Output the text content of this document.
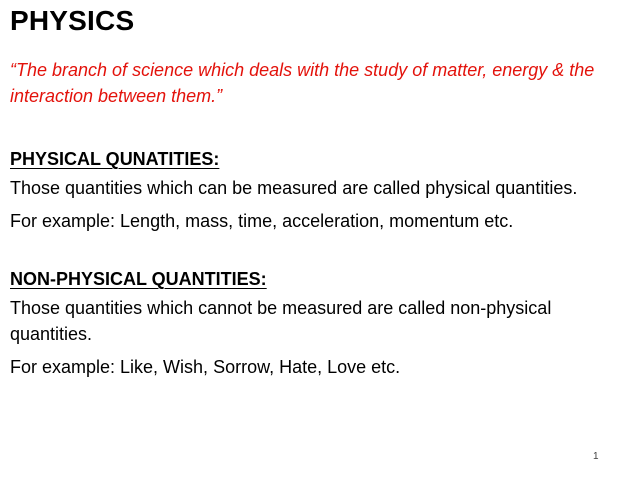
PHYSICS
“The branch of science which deals with the study of matter, energy & the interaction between them.”
PHYSICAL QUNATITIES:

Those quantities which can be measured are called physical quantities.

For example: Length, mass, time, acceleration, momentum etc.

NON-PHYSICAL QUANTITIES:

Those quantities which cannot be measured are called non-physical quantities.

For example: Like, Wish, Sorrow, Hate, Love etc.

1
